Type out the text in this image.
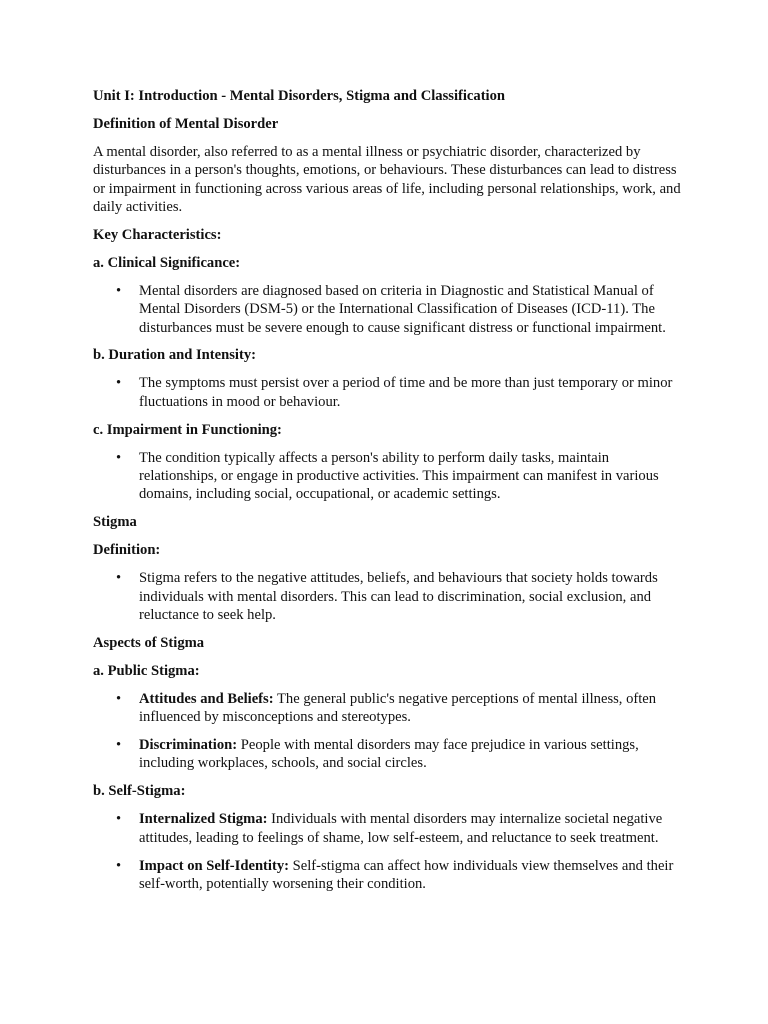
Unit I: Introduction - Mental Disorders, Stigma and Classification

Definition of Mental Disorder

A mental disorder, also referred to as a mental illness or psychiatric disorder, characterized by disturbances in a person's thoughts, emotions, or behaviours. These disturbances can lead to distress or impairment in functioning across various areas of life, including personal relationships, work, and daily activities.

Key Characteristics:

a. Clinical Significance:

• Mental disorders are diagnosed based on criteria in Diagnostic and Statistical Manual of Mental Disorders (DSM-5) or the International Classification of Diseases (ICD-11). The disturbances must be severe enough to cause significant distress or functional impairment.

b. Duration and Intensity:

• The symptoms must persist over a period of time and be more than just temporary or minor fluctuations in mood or behaviour.

c. Impairment in Functioning:

• The condition typically affects a person's ability to perform daily tasks, maintain relationships, or engage in productive activities. This impairment can manifest in various domains, including social, occupational, or academic settings.

Stigma

Definition:

• Stigma refers to the negative attitudes, beliefs, and behaviours that society holds towards individuals with mental disorders. This can lead to discrimination, social exclusion, and reluctance to seek help.

Aspects of Stigma

a. Public Stigma:

• Attitudes and Beliefs: The general public's negative perceptions of mental illness, often influenced by misconceptions and stereotypes.
• Discrimination: People with mental disorders may face prejudice in various settings, including workplaces, schools, and social circles.

b. Self-Stigma:

• Internalized Stigma: Individuals with mental disorders may internalize societal negative attitudes, leading to feelings of shame, low self-esteem, and reluctance to seek treatment.
• Impact on Self-Identity: Self-stigma can affect how individuals view themselves and their self-worth, potentially worsening their condition.
